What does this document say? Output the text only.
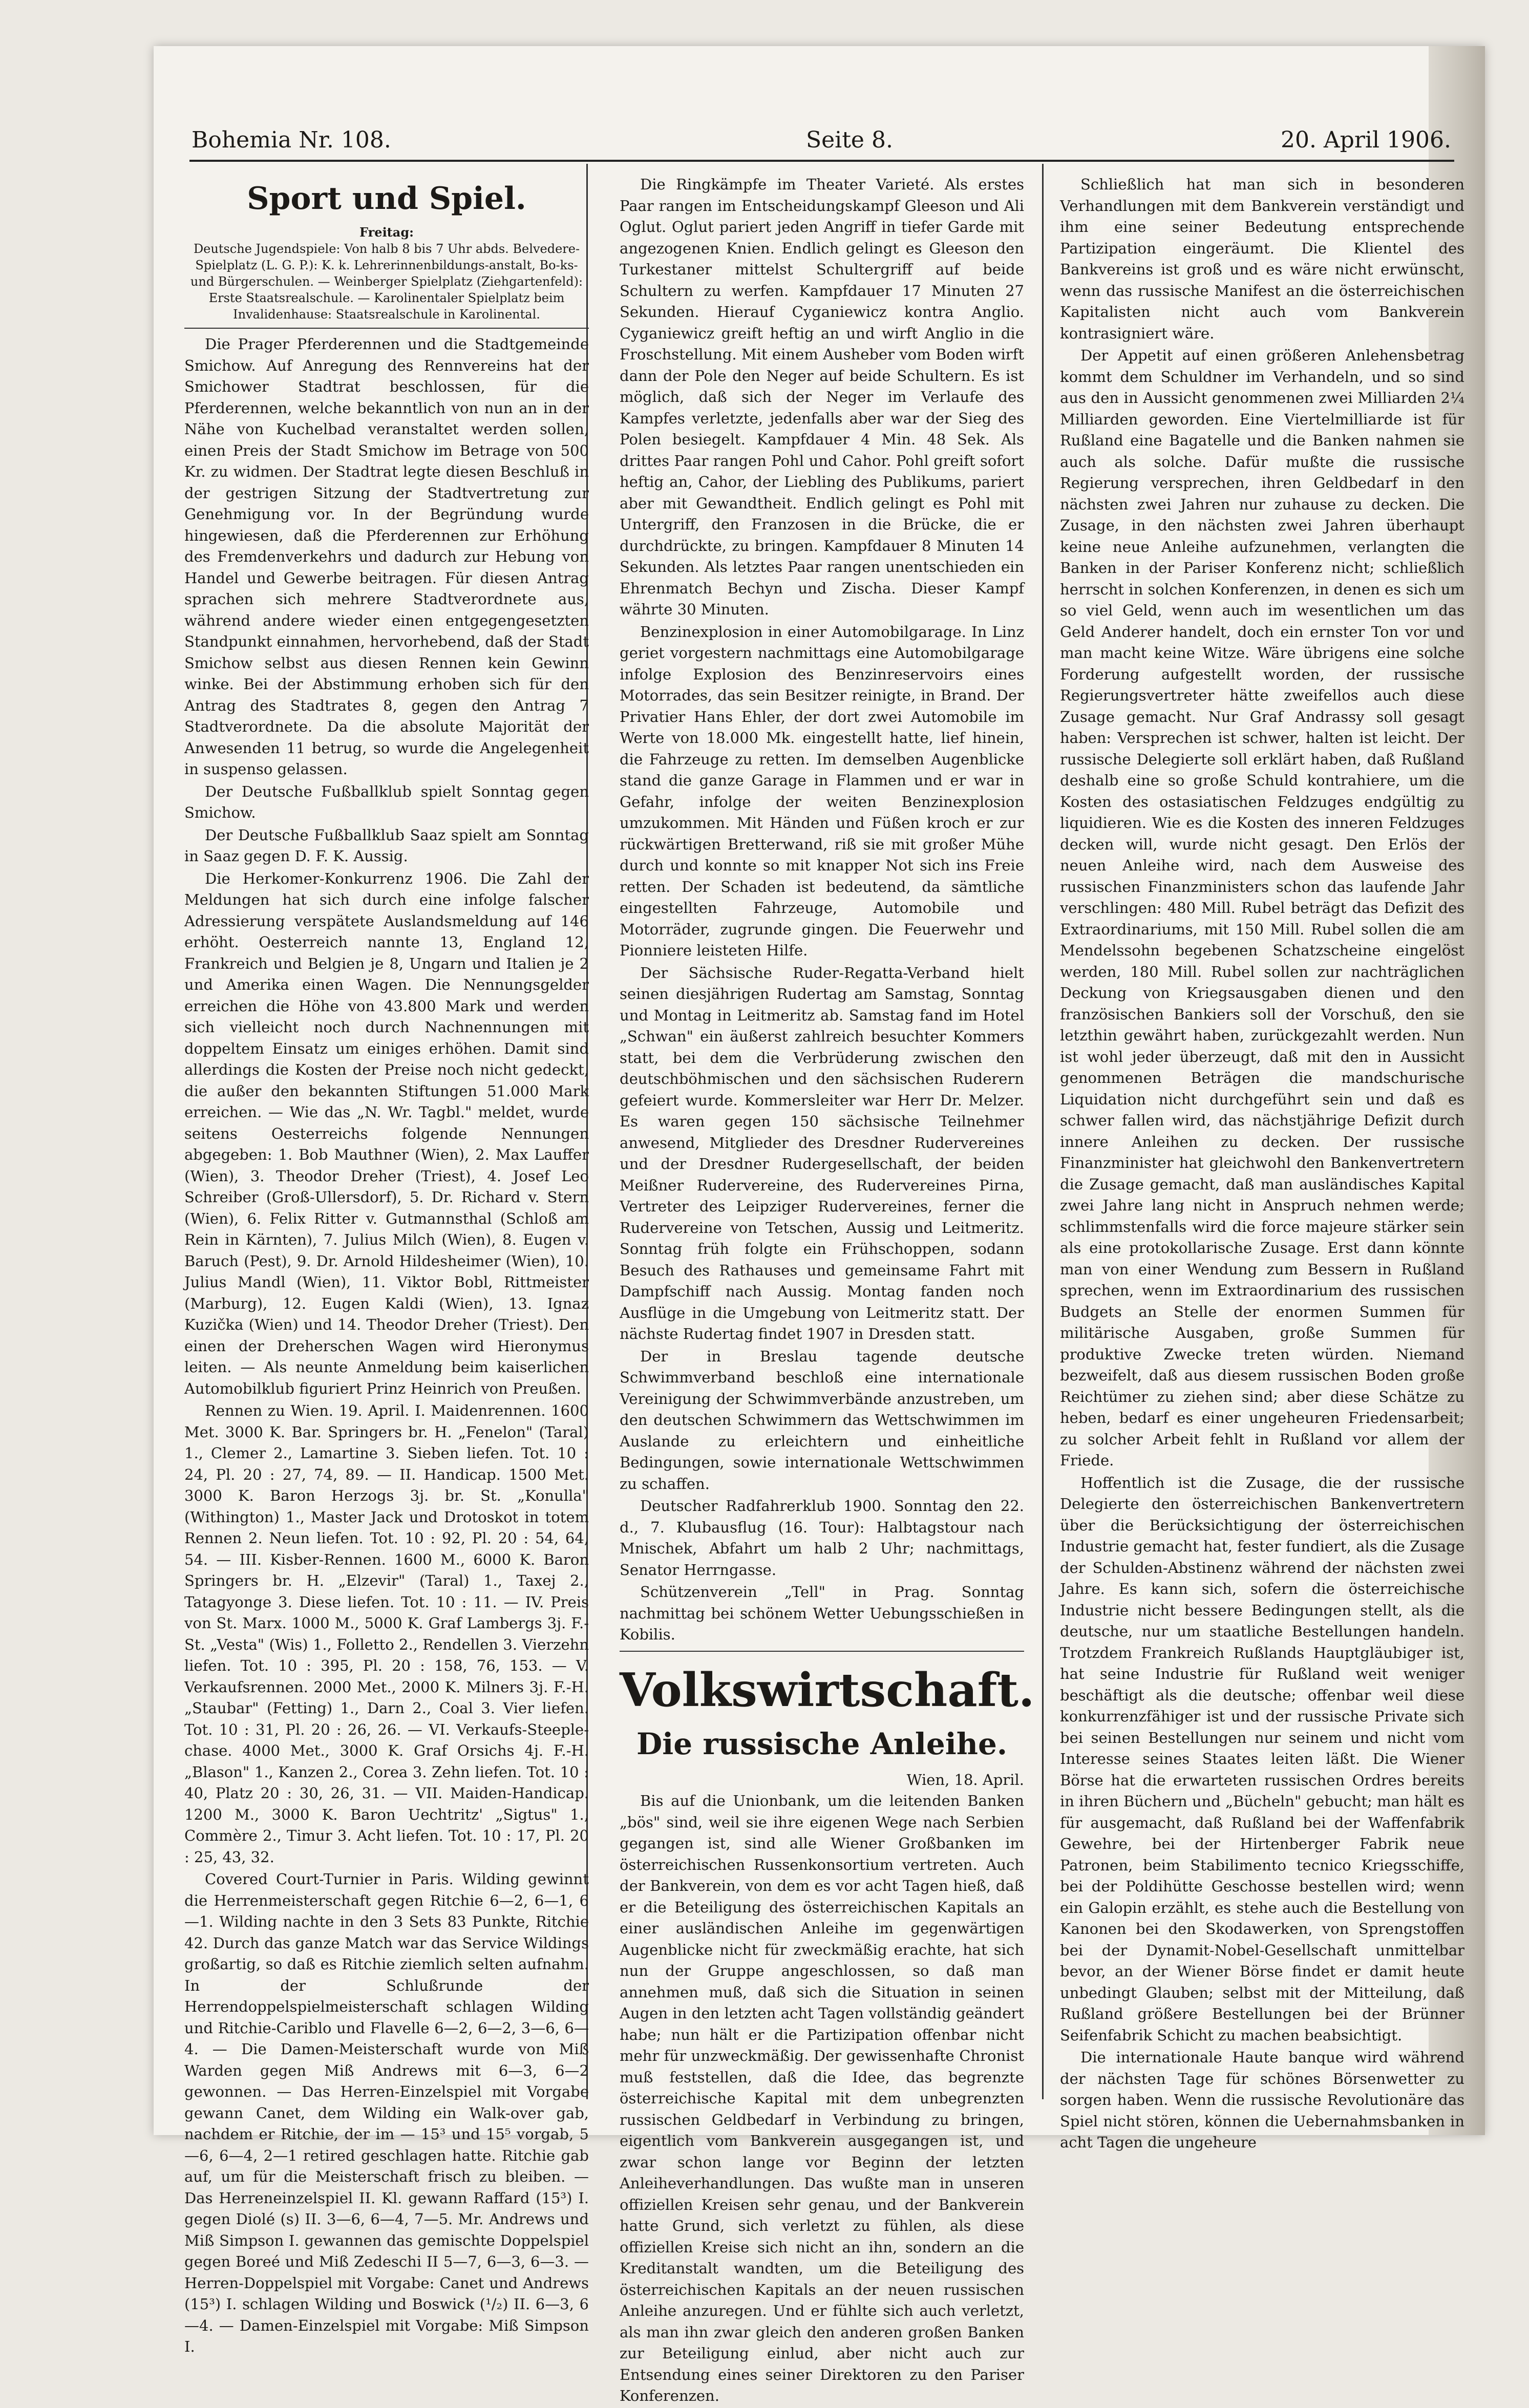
Bohemia Nr. 108.	Seite 8.	20. April 1906.
Sport und Spiel.
Freitag:
Deutsche Jugendspiele: Von halb 8 bis 7 Uhr abds. Belvedere-Spielplatz (L. G. P.): K. k. Lehrerinnenbildungs-anstalt, Bo-ks- und Bürgerschulen. — Weinberger Spielplatz (Ziehgartenfeld): Erste Staatsrealschule. — Karolinentaler Spielplatz beim Invalidenhause: Staatsrealschule in Karolinental.

Die Prager Pferderennen und die Stadtgemeinde Smichow. Auf Anregung des Rennvereins hat der Smichower Stadtrat beschlossen, für die Pferderennen, welche bekanntlich von nun an in der Nähe von Kuchelbad veranstaltet werden sollen, einen Preis der Stadt Smichow im Betrage von 500 Kr. zu widmen. Der Stadtrat legte diesen Beschluß in der gestrigen Sitzung der Stadtvertretung zur Genehmigung vor. In der Begründung wurde hingewiesen, daß die Pferderennen zur Erhöhung des Fremdenverkehrs und dadurch zur Hebung von Handel und Gewerbe beitragen. Für diesen Antrag sprachen sich mehrere Stadtverordnete aus, während andere wieder einen entgegengesetzten Standpunkt einnahmen, hervorhebend, daß der Stadt Smichow selbst aus diesen Rennen kein Gewinn winke. Bei der Abstimmung erhoben sich für den Antrag des Stadtrates 8, gegen den Antrag 7 Stadtverordnete. Da die absolute Majorität der Anwesenden 11 betrug, so wurde die Angelegenheit in suspenso gelassen.

Der Deutsche Fußballklub spielt Sonntag gegen Smichow.

Der Deutsche Fußballklub Saaz spielt am Sonntag in Saaz gegen D. F. K. Aussig.

Die Herkomer-Konkurrenz 1906. Die Zahl der Meldungen hat sich durch eine infolge falscher Adressierung verspätete Auslandsmeldung auf 146 erhöht. Oesterreich nannte 13, England 12, Frankreich und Belgien je 8, Ungarn und Italien je 2 und Amerika einen Wagen. Die Nennungsgelder erreichen die Höhe von 43.800 Mark und werden sich vielleicht noch durch Nachnennungen mit doppeltem Einsatz um einiges erhöhen. Damit sind allerdings die Kosten der Preise noch nicht gedeckt, die außer den bekannten Stiftungen 51.000 Mark erreichen. — Wie das „N. Wr. Tagbl." meldet, wurde seitens Oesterreichs folgende Nennungen abgegeben: 1. Bob Mauthner (Wien), 2. Max Lauffer (Wien), 3. Theodor Dreher (Triest), 4. Josef Leo Schreiber (Groß-Ullersdorf), 5. Dr. Richard v. Stern (Wien), 6. Felix Ritter v. Gutmannsthal (Schloß am Rein in Kärnten), 7. Julius Milch (Wien), 8. Eugen v. Baruch (Pest), 9. Dr. Arnold Hildesheimer (Wien), 10. Julius Mandl (Wien), 11. Viktor Bobl, Rittmeister (Marburg), 12. Eugen Kaldi (Wien), 13. Ignaz Kuzička (Wien) und 14. Theodor Dreher (Triest). Den einen der Dreherschen Wagen wird Hieronymus leiten. — Als neunte Anmeldung beim kaiserlichen Automobilklub figuriert Prinz Heinrich von Preußen.

Rennen zu Wien. 19. April. I. Maidenrennen. 1600 Met. 3000 K. Bar. Springers br. H. „Fenelon" (Taral) 1., Clemer 2., Lamartine 3. Sieben liefen. Tot. 10 : 24, Pl. 20 : 27, 74, 89. — II. Handicap. 1500 Met. 3000 K. Baron Herzogs 3j. br. St. „Konulla" (Withington) 1., Master Jack und Drotoskot in totem Rennen 2. Neun liefen. Tot. 10 : 92, Pl. 20 : 54, 64, 54. — III. Kisber-Rennen. 1600 M., 6000 K. Baron Springers br. H. „Elzevir" (Taral) 1., Taxej 2., Tatagyonge 3. Diese liefen. Tot. 10 : 11. — IV. Preis von St. Marx. 1000 M., 5000 K. Graf Lambergs 3j. F.-St. „Vesta" (Wis) 1., Folletto 2., Rendellen 3. Vierzehn liefen. Tot. 10 : 395, Pl. 20 : 158, 76, 153. — V. Verkaufsrennen. 2000 Met., 2000 K. Milners 3j. F.-H. „Staubar" (Fetting) 1., Darn 2., Coal 3. Vier liefen. Tot. 10 : 31, Pl. 20 : 26, 26. — VI. Verkaufs-Steeple-chase. 4000 Met., 3000 K. Graf Orsichs 4j. F.-H. „Blason" 1., Kanzen 2., Corea 3. Zehn liefen. Tot. 10 : 40, Platz 20 : 30, 26, 31. — VII. Maiden-Handicap. 1200 M., 3000 K. Baron Uechtritz' „Sigtus" 1., Commère 2., Timur 3. Acht liefen. Tot. 10 : 17, Pl. 20 : 25, 43, 32.

Covered Court-Turnier in Paris. Wilding gewinnt die Herrenmeisterschaft gegen Ritchie 6—2, 6—1, 6—1. Wilding nachte in den 3 Sets 83 Punkte, Ritchie 42. Durch das ganze Match war das Service Wildings großartig, so daß es Ritchie ziemlich selten aufnahm. In der Schlußrunde der Herrendoppelspielmeisterschaft schlagen Wilding und Ritchie-Cariblo und Flavelle 6—2, 6—2, 3—6, 6—4. — Die Damen-Meisterschaft wurde von Miß Warden gegen Miß Andrews mit 6—3, 6—2 gewonnen. — Das Herren-Einzelspiel mit Vorgabe gewann Canet, dem Wilding ein Walk-over gab, nachdem er Ritchie, der im — 15³ und 15⁵ vorgab, 5—6, 6—4, 2—1 retired geschlagen hatte. Ritchie gab auf, um für die Meisterschaft frisch zu bleiben. — Das Herreneinzelspiel II. Kl. gewann Raffard (15³) I. gegen Diolé (s) II. 3—6, 6—4, 7—5. Mr. Andrews und Miß Simpson I. gewannen das gemischte Doppelspiel gegen Boreé und Miß Zedeschi II 5—7, 6—3, 6—3. — Herren-Doppelspiel mit Vorgabe: Canet und Andrews (15³) I. schlagen Wilding und Boswick (¹/₂) II. 6—3, 6—4. — Damen-Einzelspiel mit Vorgabe: Miß Simpson I.

Die Ringkämpfe im Theater Varieté. Als erstes Paar rangen im Entscheidungskampf Gleeson und Ali Oglut. Oglut pariert jeden Angriff in tiefer Garde mit angezogenen Knien. Endlich gelingt es Gleeson den Turkestaner mittelst Schultergriff auf beide Schultern zu werfen. Kampfdauer 17 Minuten 27 Sekunden. Hierauf Cyganiewicz kontra Anglio. Cyganiewicz greift heftig an und wirft Anglio in die Froschstellung. Mit einem Ausheber vom Boden wirft dann der Pole den Neger auf beide Schultern. Es ist möglich, daß sich der Neger im Verlaufe des Kampfes verletzte, jedenfalls aber war der Sieg des Polen besiegelt. Kampfdauer 4 Min. 48 Sek. Als drittes Paar rangen Pohl und Cahor. Pohl greift sofort heftig an, Cahor, der Liebling des Publikums, pariert aber mit Gewandtheit. Endlich gelingt es Pohl mit Untergriff, den Franzosen in die Brücke, die er durchdrückte, zu bringen. Kampfdauer 8 Minuten 14 Sekunden. Als letztes Paar rangen unentschieden ein Ehrenmatch Bechyn und Zischa. Dieser Kampf währte 30 Minuten.

Benzinexplosion in einer Automobilgarage. In Linz geriet vorgestern nachmittags eine Automobilgarage infolge Explosion des Benzinreservoirs eines Motorrades, das sein Besitzer reinigte, in Brand. Der Privatier Hans Ehler, der dort zwei Automobile im Werte von 18.000 Mk. eingestellt hatte, lief hinein, die Fahrzeuge zu retten. Im demselben Augenblicke stand die ganze Garage in Flammen und er war in Gefahr, infolge der weiten Benzinexplosion umzukommen. Mit Händen und Füßen kroch er zur rückwärtigen Bretterwand, riß sie mit großer Mühe durch und konnte so mit knapper Not sich ins Freie retten. Der Schaden ist bedeutend, da sämtliche eingestellten Fahrzeuge, Automobile und Motorräder, zugrunde gingen. Die Feuerwehr und Pionniere leisteten Hilfe.

Der Sächsische Ruder-Regatta-Verband hielt seinen diesjährigen Rudertag am Samstag, Sonntag und Montag in Leitmeritz ab. Samstag fand im Hotel „Schwan" ein äußerst zahlreich besuchter Kommers statt, bei dem die Verbrüderung zwischen den deutschböhmischen und den sächsischen Ruderern gefeiert wurde. Kommersleiter war Herr Dr. Melzer. Es waren gegen 150 sächsische Teilnehmer anwesend, Mitglieder des Dresdner Rudervereines und der Dresdner Rudergesellschaft, der beiden Meißner Rudervereine, des Rudervereines Pirna, Vertreter des Leipziger Rudervereines, ferner die Rudervereine von Tetschen, Aussig und Leitmeritz. Sonntag früh folgte ein Frühschoppen, sodann Besuch des Rathauses und gemeinsame Fahrt mit Dampfschiff nach Aussig. Montag fanden noch Ausflüge in die Umgebung von Leitmeritz statt. Der nächste Rudertag findet 1907 in Dresden statt.

Der in Breslau tagende deutsche Schwimmverband beschloß eine internationale Vereinigung der Schwimmverbände anzustreben, um den deutschen Schwimmern das Wettschwimmen im Auslande zu erleichtern und einheitliche Bedingungen, sowie internationale Wettschwimmen zu schaffen.

Deutscher Radfahrerklub 1900. Sonntag den 22. d., 7. Klubausflug (16. Tour): Halbtagstour nach Mnischek, Abfahrt um halb 2 Uhr; nachmittags, Senator Herrngasse.

Schützenverein „Tell" in Prag. Sonntag nachmittag bei schönem Wetter Uebungsschießen in Kobilis.

Volkswirtschaft.
Die russische Anleihe.

Wien, 18. April.

Bis auf die Unionbank, um die leitenden Banken „bös" sind, weil sie ihre eigenen Wege nach Serbien gegangen ist, sind alle Wiener Großbanken im österreichischen Russenkonsortium vertreten. Auch der Bankverein, von dem es vor acht Tagen hieß, daß er die Beteiligung des österreichischen Kapitals an einer ausländischen Anleihe im gegenwärtigen Augenblicke nicht für zweckmäßig erachte, hat sich nun der Gruppe angeschlossen, so daß man annehmen muß, daß sich die Situation in seinen Augen in den letzten acht Tagen vollständig geändert habe; nun hält er die Partizipation offenbar nicht mehr für unzweckmäßig. Der gewissenhafte Chronist muß feststellen, daß die Idee, das begrenzte österreichische Kapital mit dem unbegrenzten russischen Geldbedarf in Verbindung zu bringen, eigentlich vom Bankverein ausgegangen ist, und zwar schon lange vor Beginn der letzten Anleiheverhandlungen. Das wußte man in unseren offiziellen Kreisen sehr genau, und der Bankverein hatte Grund, sich verletzt zu fühlen, als diese offiziellen Kreise sich nicht an ihn, sondern an die Kreditanstalt wandten, um die Beteiligung des österreichischen Kapitals an der neuen russischen Anleihe anzuregen. Und er fühlte sich auch verletzt, als man ihn zwar gleich den anderen großen Banken zur Beteiligung einlud, aber nicht auch zur Entsendung eines seiner Direktoren zu den Pariser Konferenzen.

Schließlich hat man sich in besonderen Verhandlungen mit dem Bankverein verständigt und ihm eine seiner Bedeutung entsprechende Partizipation eingeräumt. Die Klientel des Bankvereins ist groß und es wäre nicht erwünscht, wenn das russische Manifest an die österreichischen Kapitalisten nicht auch vom Bankverein kontrasigniert wäre.

Der Appetit auf einen größeren Anlehensbetrag kommt dem Schuldner im Verhandeln, und so sind aus den in Aussicht genommenen zwei Milliarden 2¼ Milliarden geworden. Eine Viertelmilliarde ist für Rußland eine Bagatelle und die Banken nahmen sie auch als solche. Dafür mußte die russische Regierung versprechen, ihren Geldbedarf in den nächsten zwei Jahren nur zuhause zu decken. Die Zusage, in den nächsten zwei Jahren überhaupt keine neue Anleihe aufzunehmen, verlangten die Banken in der Pariser Konferenz nicht; schließlich herrscht in solchen Konferenzen, in denen es sich um so viel Geld, wenn auch im wesentlichen um das Geld Anderer handelt, doch ein ernster Ton vor und man macht keine Witze. Wäre übrigens eine solche Forderung aufgestellt worden, der russische Regierungsvertreter hätte zweifellos auch diese Zusage gemacht. Nur Graf Andrassy soll gesagt haben: Versprechen ist schwer, halten ist leicht. Der russische Delegierte soll erklärt haben, daß Rußland deshalb eine so große Schuld kontrahiere, um die Kosten des ostasiatischen Feldzuges endgültig zu liquidieren. Wie es die Kosten des inneren Feldzuges decken will, wurde nicht gesagt. Den Erlös der neuen Anleihe wird, nach dem Ausweise des russischen Finanzministers schon das laufende Jahr verschlingen: 480 Mill. Rubel beträgt das Defizit des Extraordinariums, mit 150 Mill. Rubel sollen die am Mendelssohn begebenen Schatzscheine eingelöst werden, 180 Mill. Rubel sollen zur nachträglichen Deckung von Kriegsausgaben dienen und den französischen Bankiers soll der Vorschuß, den sie letzthin gewährt haben, zurückgezahlt werden. Nun ist wohl jeder überzeugt, daß mit den in Aussicht genommenen Beträgen die mandschurische Liquidation nicht durchgeführt sein und daß es schwer fallen wird, das nächstjährige Defizit durch innere Anleihen zu decken. Der russische Finanzminister hat gleichwohl den Bankenvertretern die Zusage gemacht, daß man ausländisches Kapital zwei Jahre lang nicht in Anspruch nehmen werde; schlimmstenfalls wird die force majeure stärker sein als eine protokollarische Zusage. Erst dann könnte man von einer Wendung zum Bessern in Rußland sprechen, wenn im Extraordinarium des russischen Budgets an Stelle der enormen Summen für militärische Ausgaben, große Summen für produktive Zwecke treten würden. Niemand bezweifelt, daß aus diesem russischen Boden große Reichtümer zu ziehen sind; aber diese Schätze zu heben, bedarf es einer ungeheuren Friedensarbeit; zu solcher Arbeit fehlt in Rußland vor allem der Friede.

Hoffentlich ist die Zusage, die der russische Delegierte den österreichischen Bankenvertretern über die Berücksichtigung der österreichischen Industrie gemacht hat, fester fundiert, als die Zusage der Schulden-Abstinenz während der nächsten zwei Jahre. Es kann sich, sofern die österreichische Industrie nicht bessere Bedingungen stellt, als die deutsche, nur um staatliche Bestellungen handeln. Trotzdem Frankreich Rußlands Hauptgläubiger ist, hat seine Industrie für Rußland weit weniger beschäftigt als die deutsche; offenbar weil diese konkurrenzfähiger ist und der russische Private sich bei seinen Bestellungen nur seinem und nicht vom Interesse seines Staates leiten läßt. Die Wiener Börse hat die erwarteten russischen Ordres bereits in ihren Büchern und „Bücheln" gebucht; man hält es für ausgemacht, daß Rußland bei der Waffenfabrik Gewehre, bei der Hirtenberger Fabrik neue Patronen, beim Stabilimento tecnico Kriegsschiffe, bei der Poldihütte Geschosse bestellen wird; wenn ein Galopin erzählt, es stehe auch die Bestellung von Kanonen bei den Skodawerken, von Sprengstoffen bei der Dynamit-Nobel-Gesellschaft unmittelbar bevor, an der Wiener Börse findet er damit heute unbedingt Glauben; selbst mit der Mitteilung, daß Rußland größere Bestellungen bei der Brünner Seifenfabrik Schicht zu machen beabsichtigt.

Die internationale Haute banque wird während der nächsten Tage für schönes Börsenwetter zu sorgen haben. Wenn die russische Revolutionäre das Spiel nicht stören, können die Uebernahmsbanken in acht Tagen die ungeheure
